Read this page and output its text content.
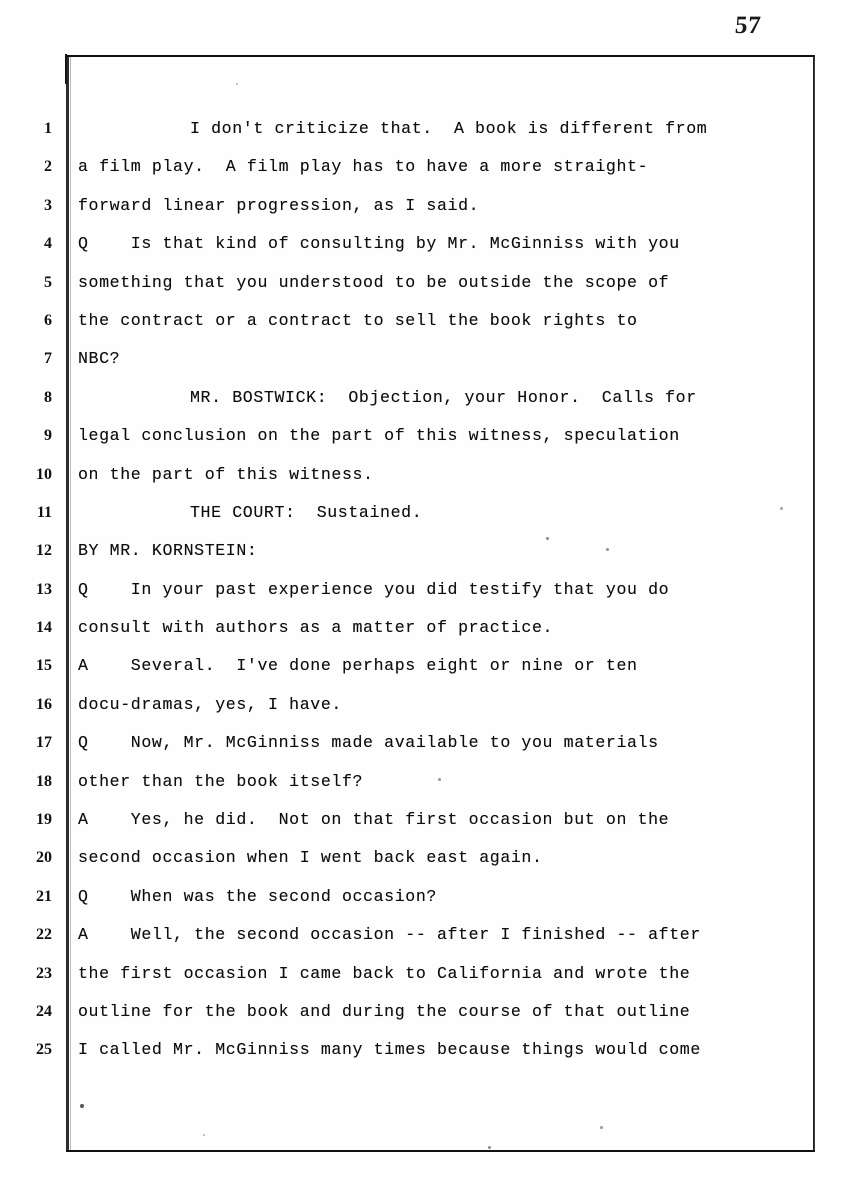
57
1	I don't criticize that.  A book is different from
2 a film play.  A film play has to have a more straight-
3 forward linear progression, as I said.
4 Q    Is that kind of consulting by Mr. McGinniss with you
5 something that you understood to be outside the scope of
6 the contract or a contract to sell the book rights to
7 NBC?
8	MR. BOSTWICK:  Objection, your Honor.  Calls for
9 legal conclusion on the part of this witness, speculation
10 on the part of this witness.
11	THE COURT:  Sustained.
12 BY MR. KORNSTEIN:
13 Q    In your past experience you did testify that you do
14 consult with authors as a matter of practice.
15 A    Several.  I've done perhaps eight or nine or ten
16 docu-dramas, yes, I have.
17 Q    Now, Mr. McGinniss made available to you materials
18 other than the book itself?
19 A    Yes, he did.  Not on that first occasion but on the
20 second occasion when I went back east again.
21 Q    When was the second occasion?
22 A    Well, the second occasion -- after I finished -- after
23 the first occasion I came back to California and wrote the
24 outline for the book and during the course of that outline
25 I called Mr. McGinniss many times because things would come
